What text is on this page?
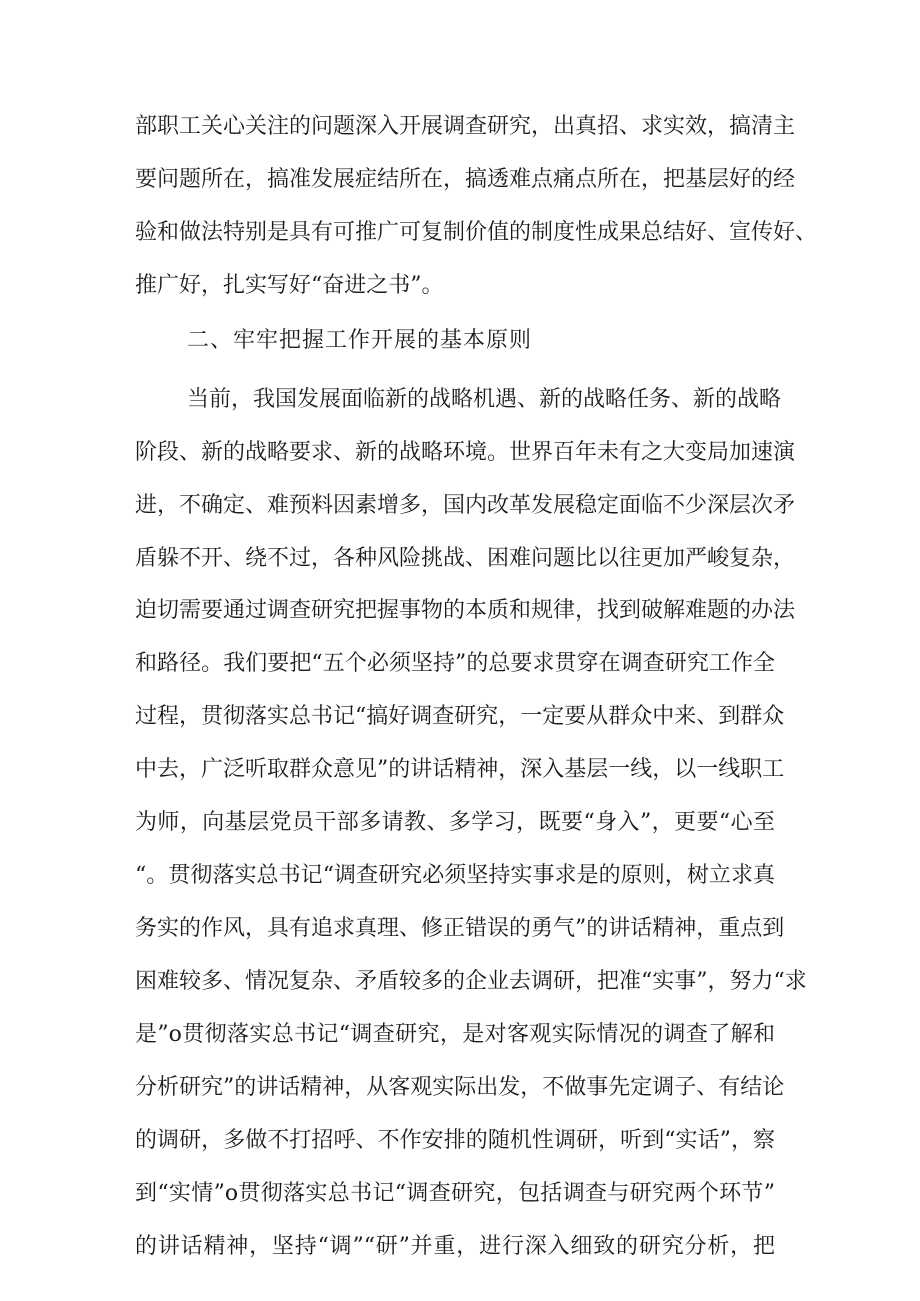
部职工关心关注的问题深入开展调查研究，出真招、求实效，搞清主
要问题所在，搞准发展症结所在，搞透难点痛点所在，把基层好的经
验和做法特别是具有可推广可复制价值的制度性成果总结好、宣传好、
推广好，扎实写好“奋进之书”。
二、牢牢把握工作开展的基本原则
当前，我国发展面临新的战略机遇、新的战略任务、新的战略
阶段、新的战略要求、新的战略环境。世界百年未有之大变局加速演
进，不确定、难预料因素增多，国内改革发展稳定面临不少深层次矛
盾躲不开、绕不过，各种风险挑战、困难问题比以往更加严峻复杂，
迫切需要通过调查研究把握事物的本质和规律，找到破解难题的办法
和路径。我们要把“五个必须坚持”的总要求贯穿在调查研究工作全
过程，贯彻落实总书记“搞好调查研究，一定要从群众中来、到群众
中去，广泛听取群众意见”的讲话精神，深入基层一线，以一线职工
为师，向基层党员干部多请教、多学习，既要“身入”，更要“心至
“。贯彻落实总书记“调查研究必须坚持实事求是的原则，树立求真
务实的作风，具有追求真理、修正错误的勇气”的讲话精神，重点到
困难较多、情况复杂、矛盾较多的企业去调研，把准“实事”，努力“求
是”o贯彻落实总书记“调查研究，是对客观实际情况的调查了解和
分析研究”的讲话精神，从客观实际出发，不做事先定调子、有结论
的调研，多做不打招呼、不作安排的随机性调研，听到“实话”，察
到“实情”o贯彻落实总书记“调查研究，包括调查与研究两个环节”
的讲话精神，坚持“调”“研”并重，进行深入细致的研究分析，把
